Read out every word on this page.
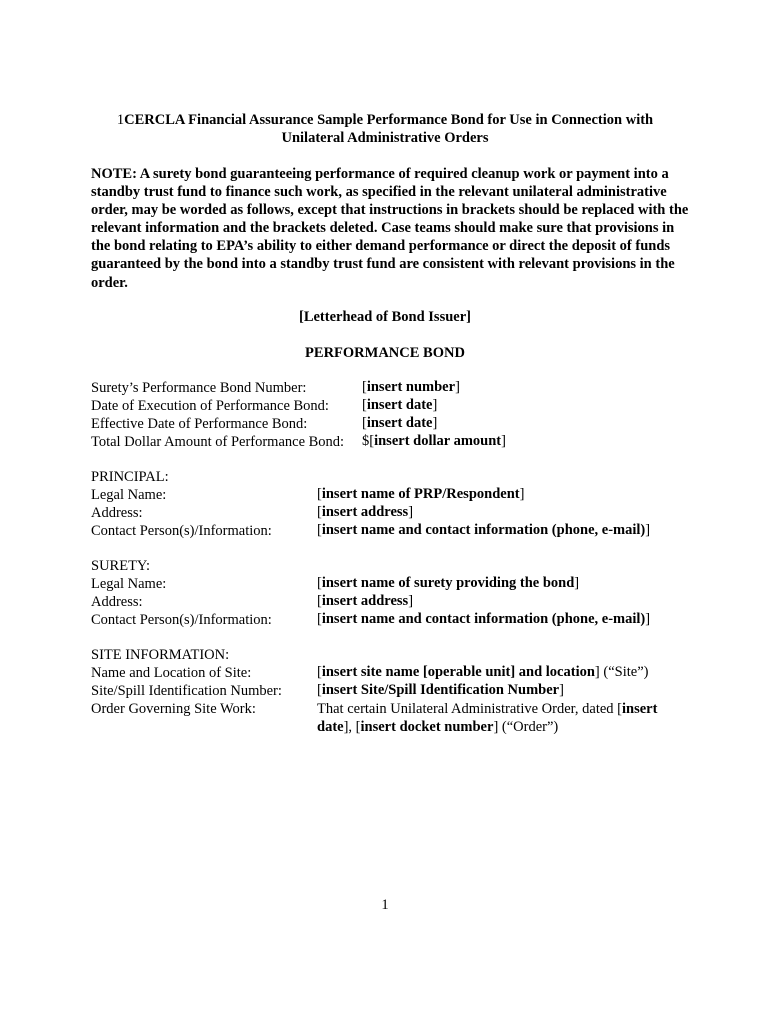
1CERCLA Financial Assurance Sample Performance Bond for Use in Connection with
Unilateral Administrative Orders
NOTE: A surety bond guaranteeing performance of required cleanup work or payment into a standby trust fund to finance such work, as specified in the relevant unilateral administrative order, may be worded as follows, except that instructions in brackets should be replaced with the relevant information and the brackets deleted. Case teams should make sure that provisions in the bond relating to EPA’s ability to either demand performance or direct the deposit of funds guaranteed by the bond into a standby trust fund are consistent with relevant provisions in the order.
[Letterhead of Bond Issuer]
PERFORMANCE BOND
Surety’s Performance Bond Number:	[insert number]
Date of Execution of Performance Bond: [insert date]
Effective Date of Performance Bond:	[insert date]
Total Dollar Amount of Performance Bond: $[insert dollar amount]
PRINCIPAL:
Legal Name:	[insert name of PRP/Respondent]
Address:	[insert address]
Contact Person(s)/Information:	[insert name and contact information (phone, e-mail)]
SURETY:
Legal Name:	[insert name of surety providing the bond]
Address:	[insert address]
Contact Person(s)/Information:	[insert name and contact information (phone, e-mail)]
SITE INFORMATION:
Name and Location of Site:	[insert site name [operable unit] and location] (“Site”)
Site/Spill Identification Number: [insert Site/Spill Identification Number]
Order Governing Site Work:	That certain Unilateral Administrative Order, dated [insert date], [insert docket number] (“Order”)
1
